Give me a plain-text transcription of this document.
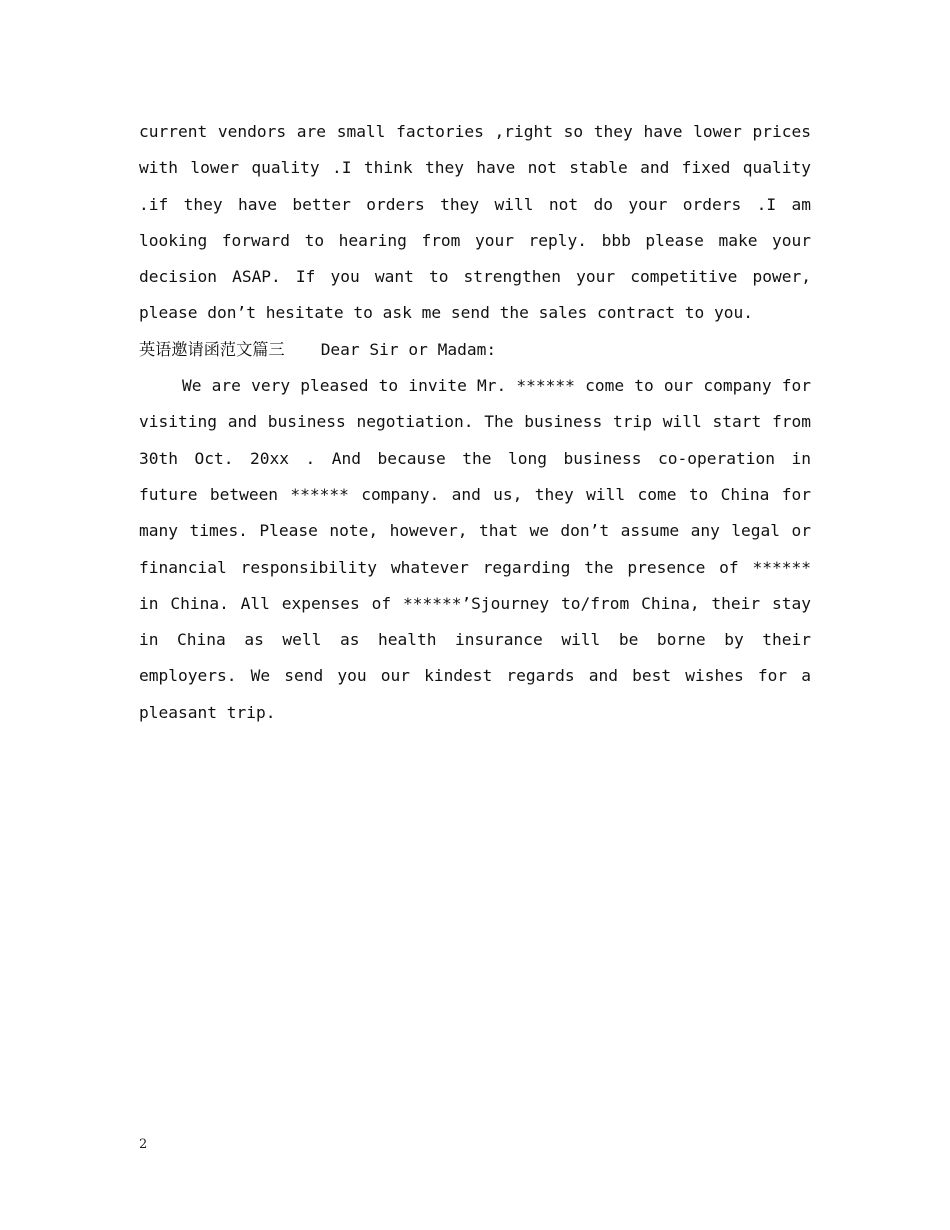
current vendors are small factories ,right so they have lower prices with lower quality .I think they have not stable and fixed quality .if they have better orders they will not do your orders .I am looking forward to hearing from your reply. bbb please make your decision ASAP. If you want to strengthen your competitive power, please don’t hesitate to ask me send the sales contract to you.

英语邀请函范文篇三 Dear Sir or Madam:

We are very pleased to invite Mr. ****** come to our company for visiting and business negotiation. The business trip will start from 30th Oct. 20xx . And because the long business co-operation in future between ****** company. and us, they will come to China for many times. Please note, however, that we don’t assume any legal or financial responsibility whatever regarding the presence of ****** in China. All expenses of ******’Sjourney to/from China, their stay in China as well as health insurance will be borne by their employers. We send you our kindest regards and best wishes for a pleasant trip.

2
